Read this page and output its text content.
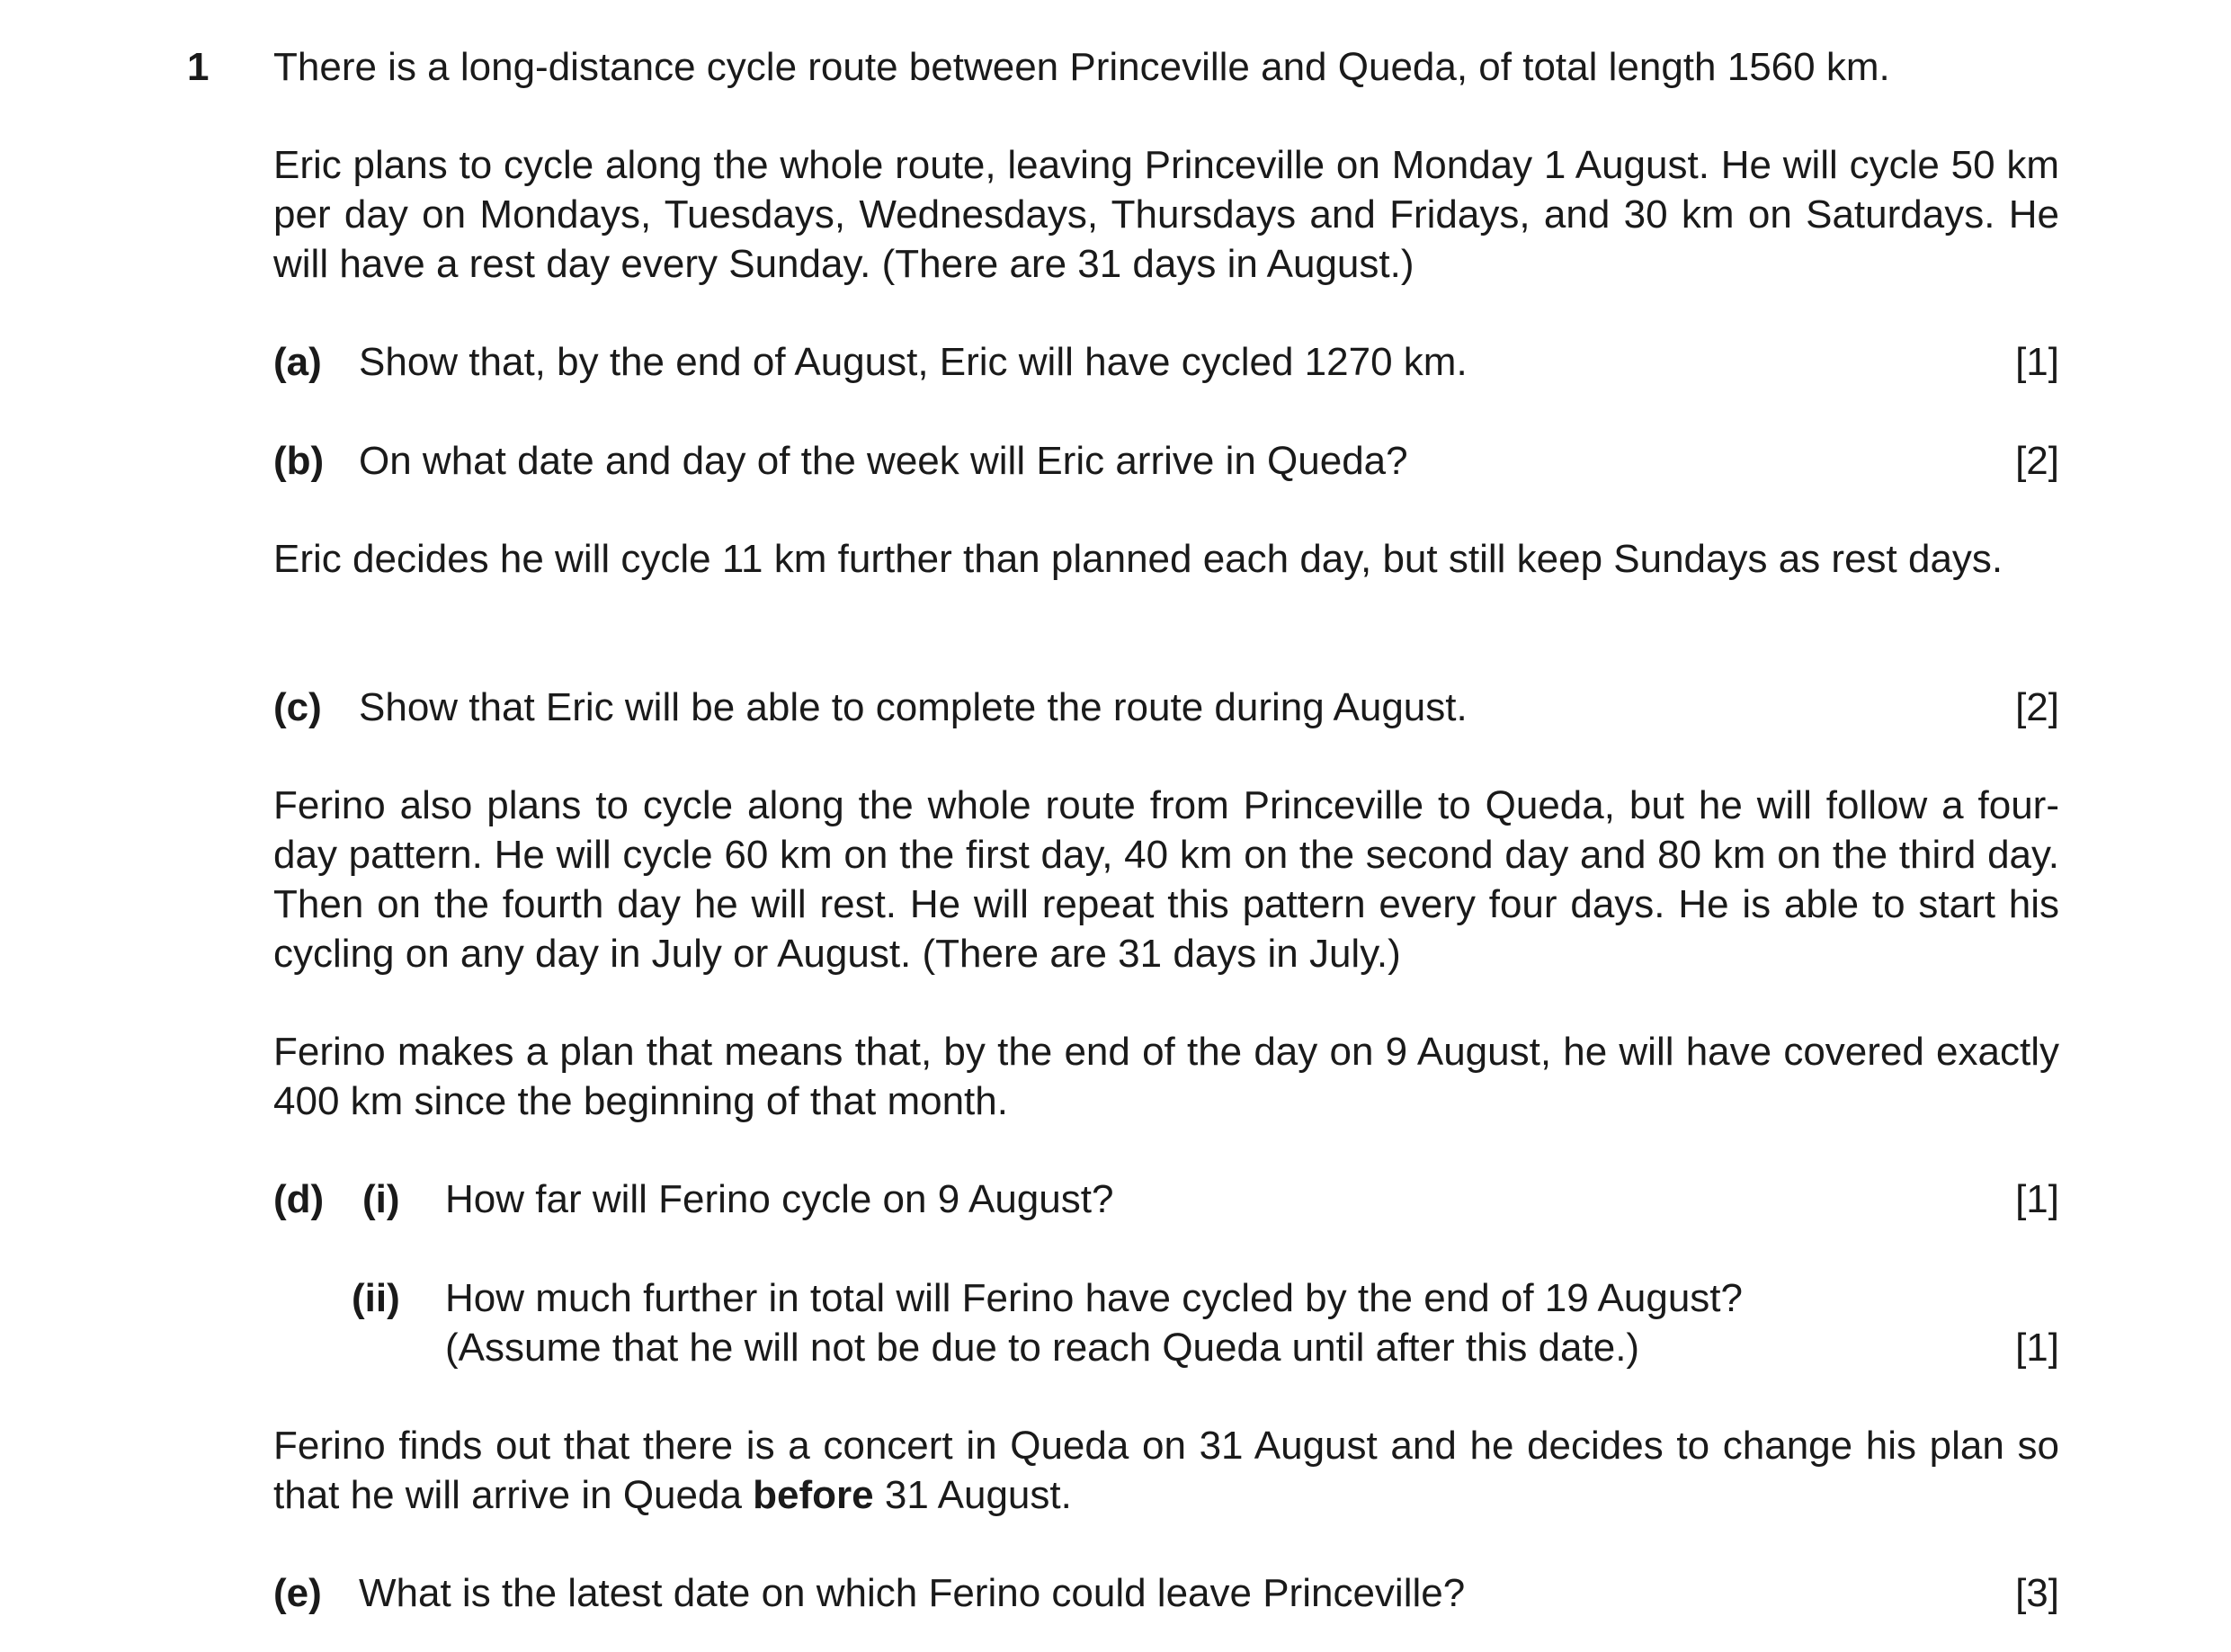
1 There is a long-distance cycle route between Princeville and Queda, of total length 1560 km.
Eric plans to cycle along the whole route, leaving Princeville on Monday 1 August. He will cycle 50 km per day on Mondays, Tuesdays, Wednesdays, Thursdays and Fridays, and 30 km on Saturdays. He will have a rest day every Sunday. (There are 31 days in August.)
(a) Show that, by the end of August, Eric will have cycled 1270 km.	[1]
(b) On what date and day of the week will Eric arrive in Queda?	[2]
Eric decides he will cycle 11 km further than planned each day, but still keep Sundays as rest days.
(c) Show that Eric will be able to complete the route during August.	[2]
Ferino also plans to cycle along the whole route from Princeville to Queda, but he will follow a four-day pattern. He will cycle 60 km on the first day, 40 km on the second day and 80 km on the third day. Then on the fourth day he will rest. He will repeat this pattern every four days. He is able to start his cycling on any day in July or August. (There are 31 days in July.)
Ferino makes a plan that means that, by the end of the day on 9 August, he will have covered exactly 400 km since the beginning of that month.
(d) (i) How far will Ferino cycle on 9 August?	[1]
(ii) How much further in total will Ferino have cycled by the end of 19 August?
(Assume that he will not be due to reach Queda until after this date.)	[1]
Ferino finds out that there is a concert in Queda on 31 August and he decides to change his plan so that he will arrive in Queda before 31 August.
(e) What is the latest date on which Ferino could leave Princeville?	[3]
